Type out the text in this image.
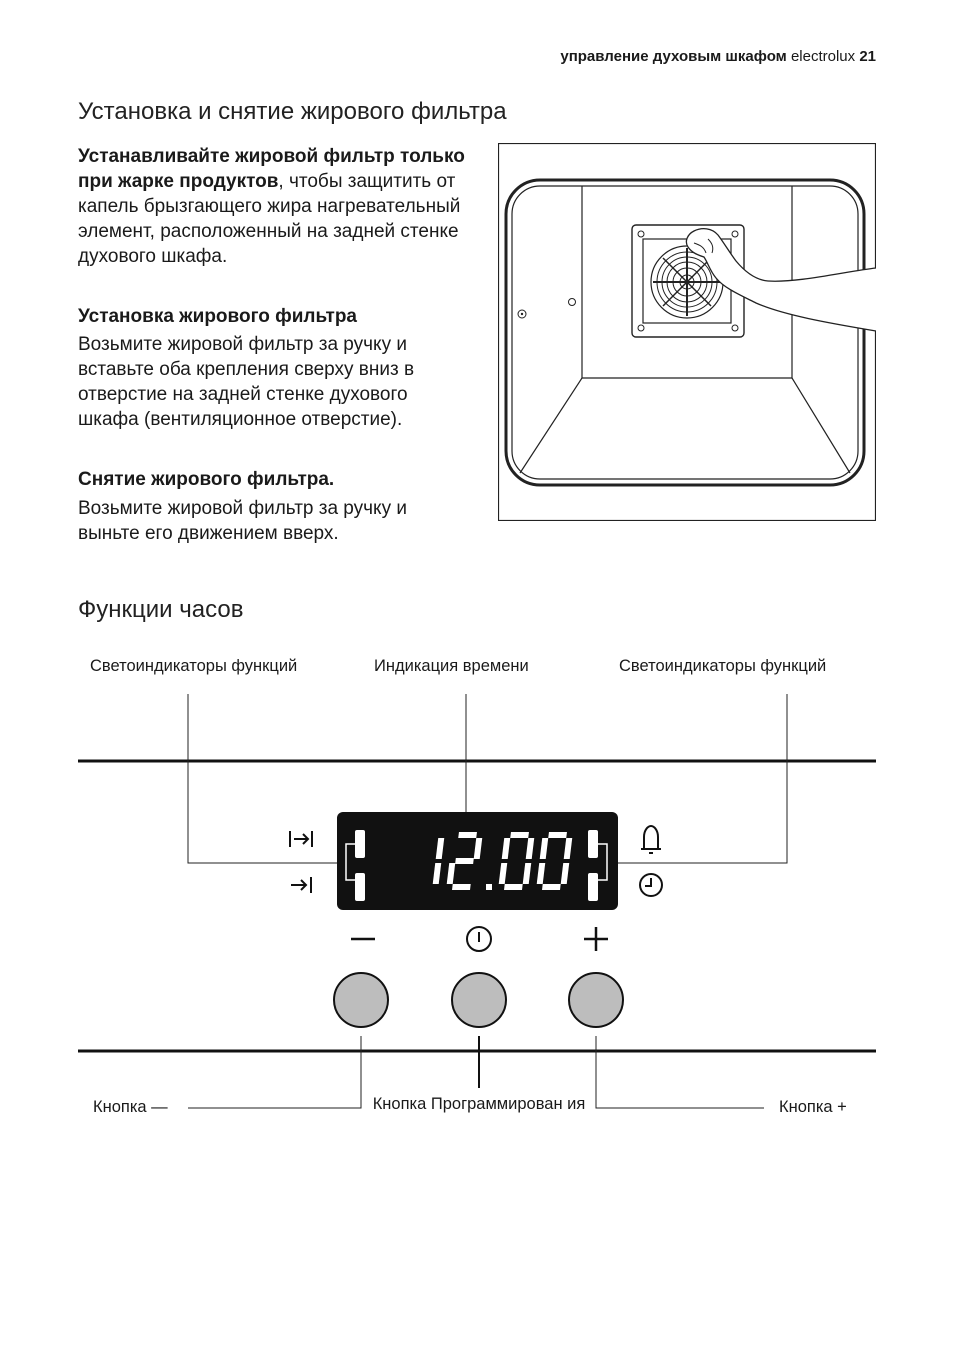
управление духовым шкафом electrolux 21
Установка и снятие жирового фильтра
Устанавливайте жировой фильтр только при жарке продуктов, чтобы защитить от капель брызгающего жира нагревательный элемент, расположенный на задней стенке духового шкафа.
Установка жирового фильтра
Возьмите жировой фильтр за ручку и вставьте оба крепления сверху вниз в отверстие на задней стенке духового шкафа (вентиляционное отверстие).
Снятие жирового фильтра.
Возьмите жировой фильтр за ручку и выньте его движением вверх.
Функции часов
Светоиндикаторы функций	Индикация времени	Светоиндикаторы функций
Кнопка —	Кнопка Программирован ия	Кнопка +
